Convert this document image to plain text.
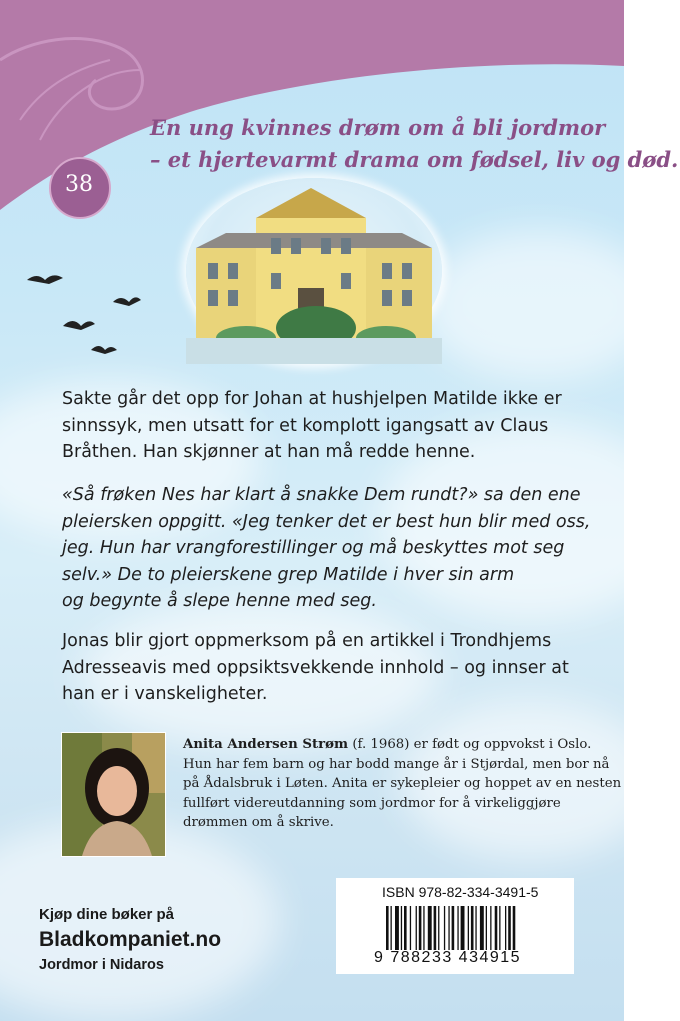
38
En ung kvinnes drøm om å bli jordmor
– et hjertevarmt drama om fødsel, liv og død.
Sakte går det opp for Johan at hushjelpen Matilde ikke er
sinnssyk, men utsatt for et komplott igangsatt av Claus
Bråthen. Han skjønner at han må redde henne.
«Så frøken Nes har klart å snakke Dem rundt?» sa den ene
pleiersken oppgitt. «Jeg tenker det er best hun blir med oss,
jeg. Hun har vrangforestillinger og må beskyttes mot seg
selv.» De to pleierskene grep Matilde i hver sin arm
og begynte å slepe henne med seg.
Jonas blir gjort oppmerksom på en artikkel i Trondhjems
Adresseavis med oppsiktsvekkende innhold – og innser at
han er i vanskeligheter.
Anita Andersen Strøm (f. 1968) er født og oppvokst i Oslo.
Hun har fem barn og har bodd mange år i Stjørdal, men bor nå
på Ådalsbruk i Løten. Anita er sykepleier og hoppet av en nesten
fullført videreutdanning som jordmor for å virkeliggjøre
drømmen om å skrive.
ISBN 978-82-334-3491-5
9 788233 434915
Kjøp dine bøker på
Bladkompaniet.no
Jordmor i Nidaros
